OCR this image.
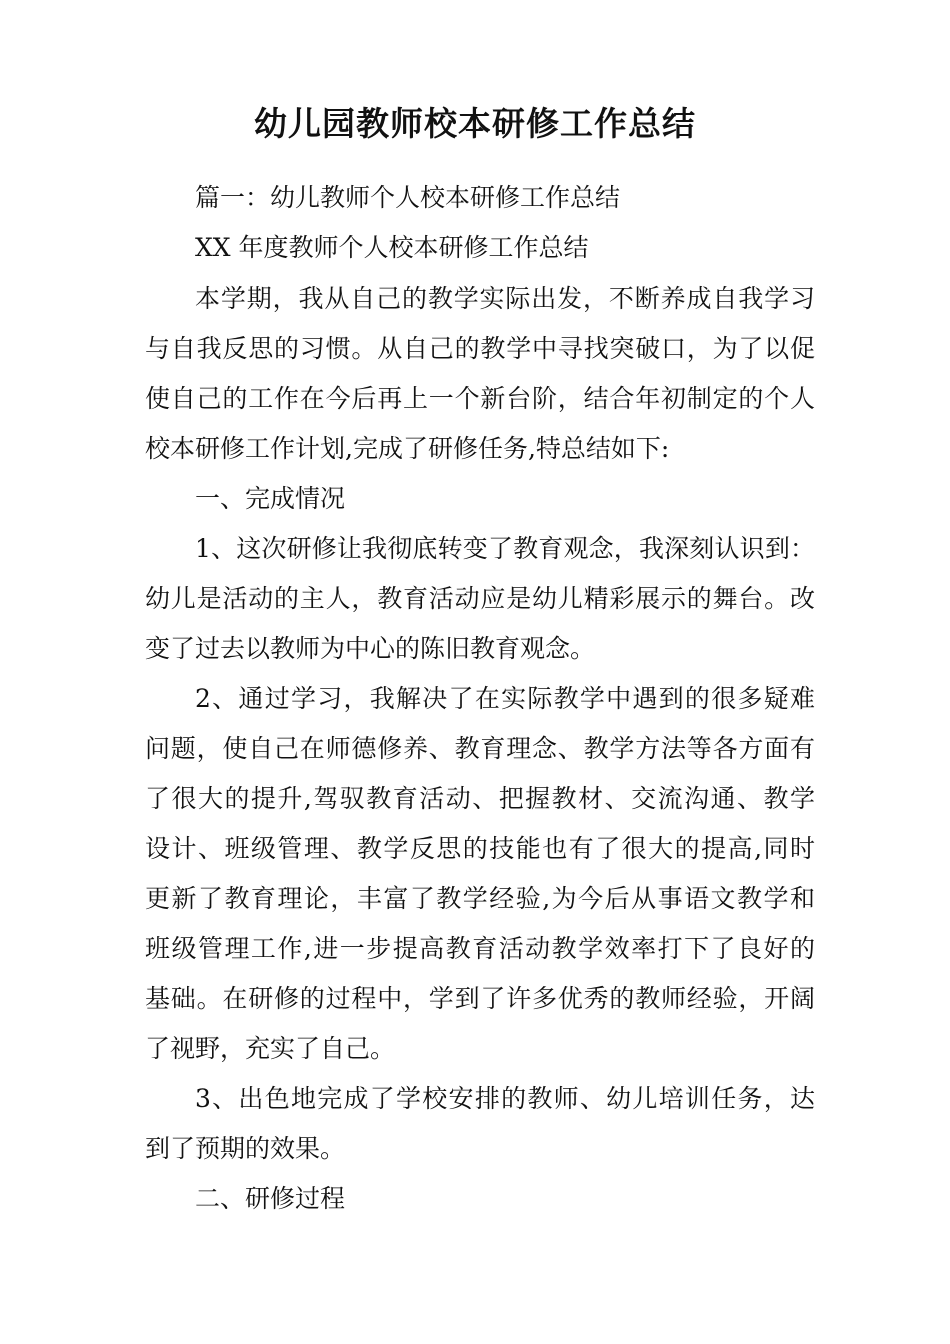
幼儿园教师校本研修工作总结

篇一：幼儿教师个人校本研修工作总结

XX 年度教师个人校本研修工作总结

本学期，我从自己的教学实际出发，不断养成自我学习

与自我反思的习惯。从自己的教学中寻找突破口，为了以促

使自己的工作在今后再上一个新台阶，结合年初制定的个人

校本研修工作计划,完成了研修任务,特总结如下:

一、完成情况

1、这次研修让我彻底转变了教育观念，我深刻认识到：

幼儿是活动的主人，教育活动应是幼儿精彩展示的舞台。改

变了过去以教师为中心的陈旧教育观念。

2、通过学习，我解决了在实际教学中遇到的很多疑难

问题，使自己在师德修养、教育理念、教学方法等各方面有

了很大的提升,驾驭教育活动、把握教材、交流沟通、教学

设计、班级管理、教学反思的技能也有了很大的提高,同时

更新了教育理论，丰富了教学经验,为今后从事语文教学和

班级管理工作,进一步提高教育活动教学效率打下了良好的

基础。在研修的过程中，学到了许多优秀的教师经验，开阔

了视野，充实了自己。

3、出色地完成了学校安排的教师、幼儿培训任务，达

到了预期的效果。

二、研修过程
